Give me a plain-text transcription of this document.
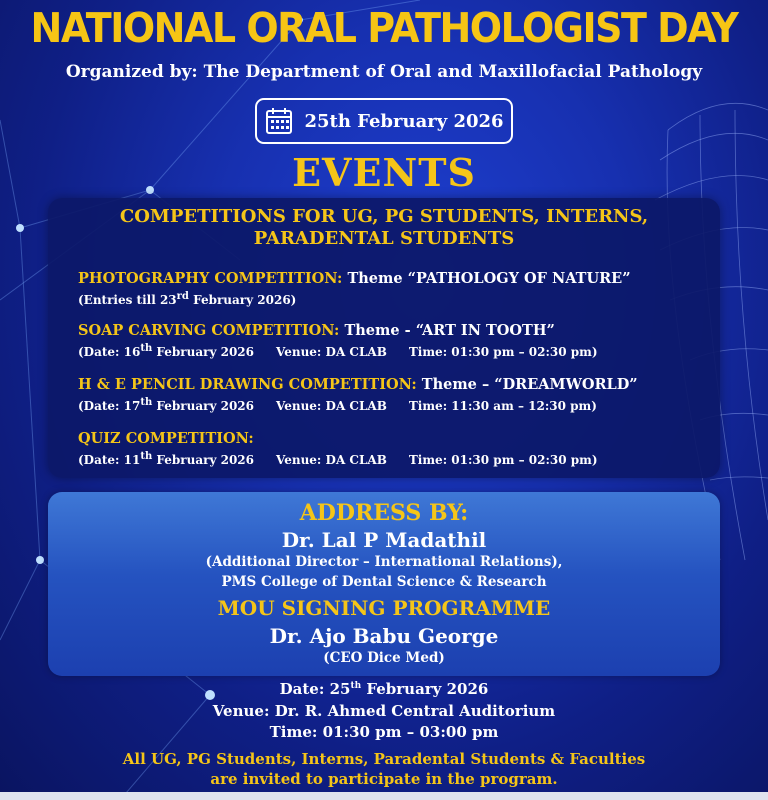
NATIONAL ORAL PATHOLOGIST DAY
Organized by: The Department of Oral and Maxillofacial Pathology
25th February 2026
EVENTS
COMPETITIONS FOR UG, PG STUDENTS, INTERNS,
PARADENTAL STUDENTS
PHOTOGRAPHY COMPETITION: Theme “PATHOLOGY OF NATURE”
(Entries till 23rd February 2026)
SOAP CARVING COMPETITION: Theme - “ART IN TOOTH”
(Date: 16th February 2026 Venue: DA CLAB Time: 01:30 pm – 02:30 pm)
H & E PENCIL DRAWING COMPETITION: Theme – “DREAMWORLD”
(Date: 17th February 2026 Venue: DA CLAB Time: 11:30 am – 12:30 pm)
QUIZ COMPETITION:
(Date: 11th February 2026 Venue: DA CLAB Time: 01:30 pm – 02:30 pm)
ADDRESS BY:
Dr. Lal P Madathil
(Additional Director – International Relations),
PMS College of Dental Science & Research
MOU SIGNING PROGRAMME
Dr. Ajo Babu George
(CEO Dice Med)
Date: 25th February 2026
Venue: Dr. R. Ahmed Central Auditorium
Time: 01:30 pm – 03:00 pm
All UG, PG Students, Interns, Paradental Students & Faculties
are invited to participate in the program.
